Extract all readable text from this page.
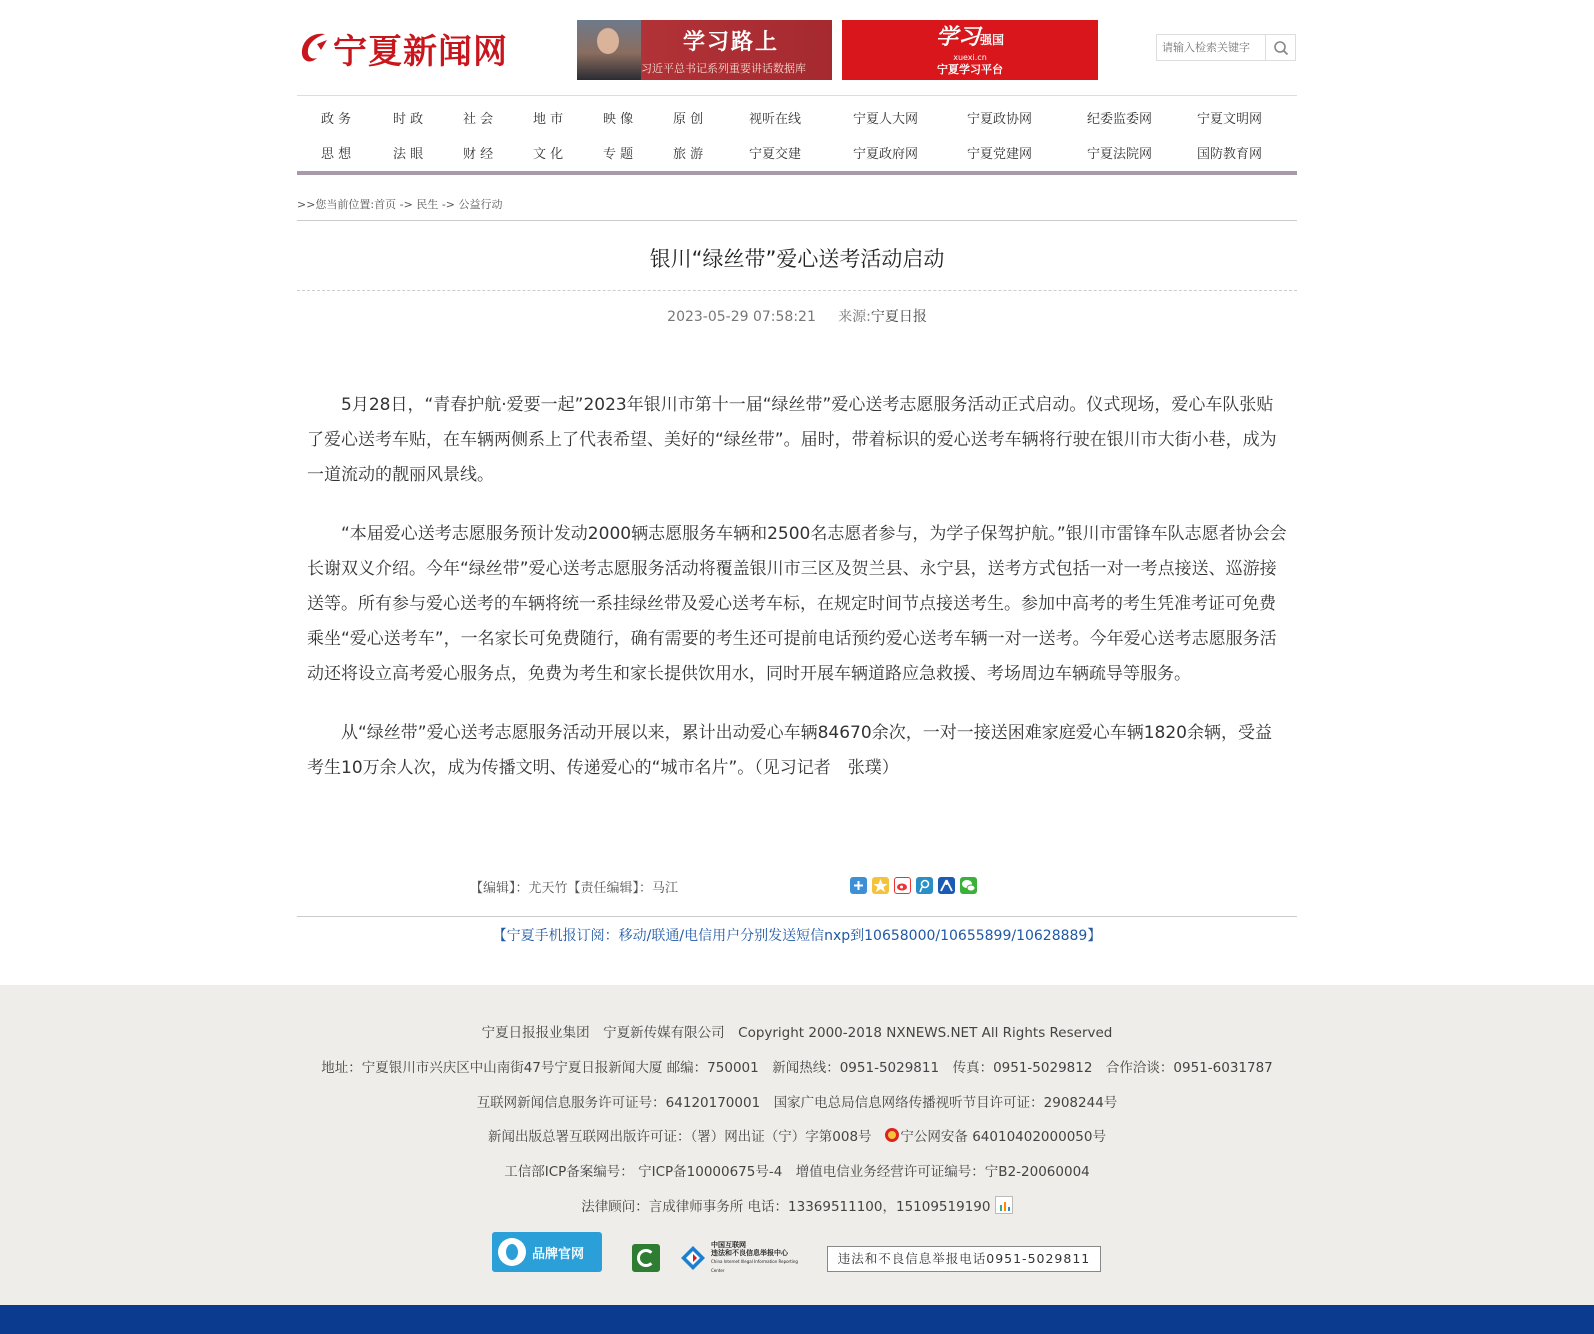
宁夏新闻网	学习路上
习近平总书记系列重要讲话数据库
学习强国
xuexi.cn
宁夏学习平台
请输入检索关键字
政 务	时 政	社 会	地 市	映 像	原 创	视听在线	宁夏人大网	宁夏政协网	纪委监委网	宁夏文明网
思 想	法 眼	财 经	文 化	专 题	旅 游	宁夏交建	宁夏政府网	宁夏党建网	宁夏法院网	国防教育网
>>您当前位置:首页 -> 民生 -> 公益行动
银川“绿丝带”爱心送考活动启动
2023-05-29 07:58:21 来源:宁夏日报

5月28日，“青春护航·爱要一起”2023年银川市第十一届“绿丝带”爱心送考志愿服务活动正式启动。仪式现场，爱心车队张贴了爱心送考车贴，在车辆两侧系上了代表希望、美好的“绿丝带”。届时，带着标识的爱心送考车辆将行驶在银川市大街小巷，成为一道流动的靓丽风景线。

“本届爱心送考志愿服务预计发动2000辆志愿服务车辆和2500名志愿者参与，为学子保驾护航。”银川市雷锋车队志愿者协会会长谢双义介绍。今年“绿丝带”爱心送考志愿服务活动将覆盖银川市三区及贺兰县、永宁县，送考方式包括一对一考点接送、巡游接送等。所有参与爱心送考的车辆将统一系挂绿丝带及爱心送考车标，在规定时间节点接送考生。参加中高考的考生凭准考证可免费乘坐“爱心送考车”，一名家长可免费随行，确有需要的考生还可提前电话预约爱心送考车辆一对一送考。今年爱心送考志愿服务活动还将设立高考爱心服务点，免费为考生和家长提供饮用水，同时开展车辆道路应急救援、考场周边车辆疏导等服务。

从“绿丝带”爱心送考志愿服务活动开展以来，累计出动爱心车辆84670余次，一对一接送困难家庭爱心车辆1820余辆，受益考生10万余人次，成为传播文明、传递爱心的“城市名片”。（见习记者　张璞）

【编辑】：尤天竹【责任编辑】：马江
【宁夏手机报订阅：移动/联通/电信用户分别发送短信nxp到10658000/10655899/10628889】
宁夏日报报业集团　宁夏新传媒有限公司　Copyright 2000-2018 NXNEWS.NET All Rights Reserved
地址：宁夏银川市兴庆区中山南街47号宁夏日报新闻大厦 邮编：750001　新闻热线：0951-5029811　传真：0951-5029812　合作洽谈：0951-6031787
互联网新闻信息服务许可证号：64120170001　国家广电总局信息网络传播视听节目许可证：2908244号
新闻出版总署互联网出版许可证：（署）网出证（宁）字第008号 宁公网安备 64010402000050号
工信部ICP备案编号： 宁ICP备10000675号-4　增值电信业务经营许可证编号：宁B2-20060004
法律顾问：言成律师事务所 电话：13369511100，15109519190
品牌官网
中国互联网
违法和不良信息举报中心
China Internet Illegal Information Reporting Center
违法和不良信息举报电话0951-5029811
